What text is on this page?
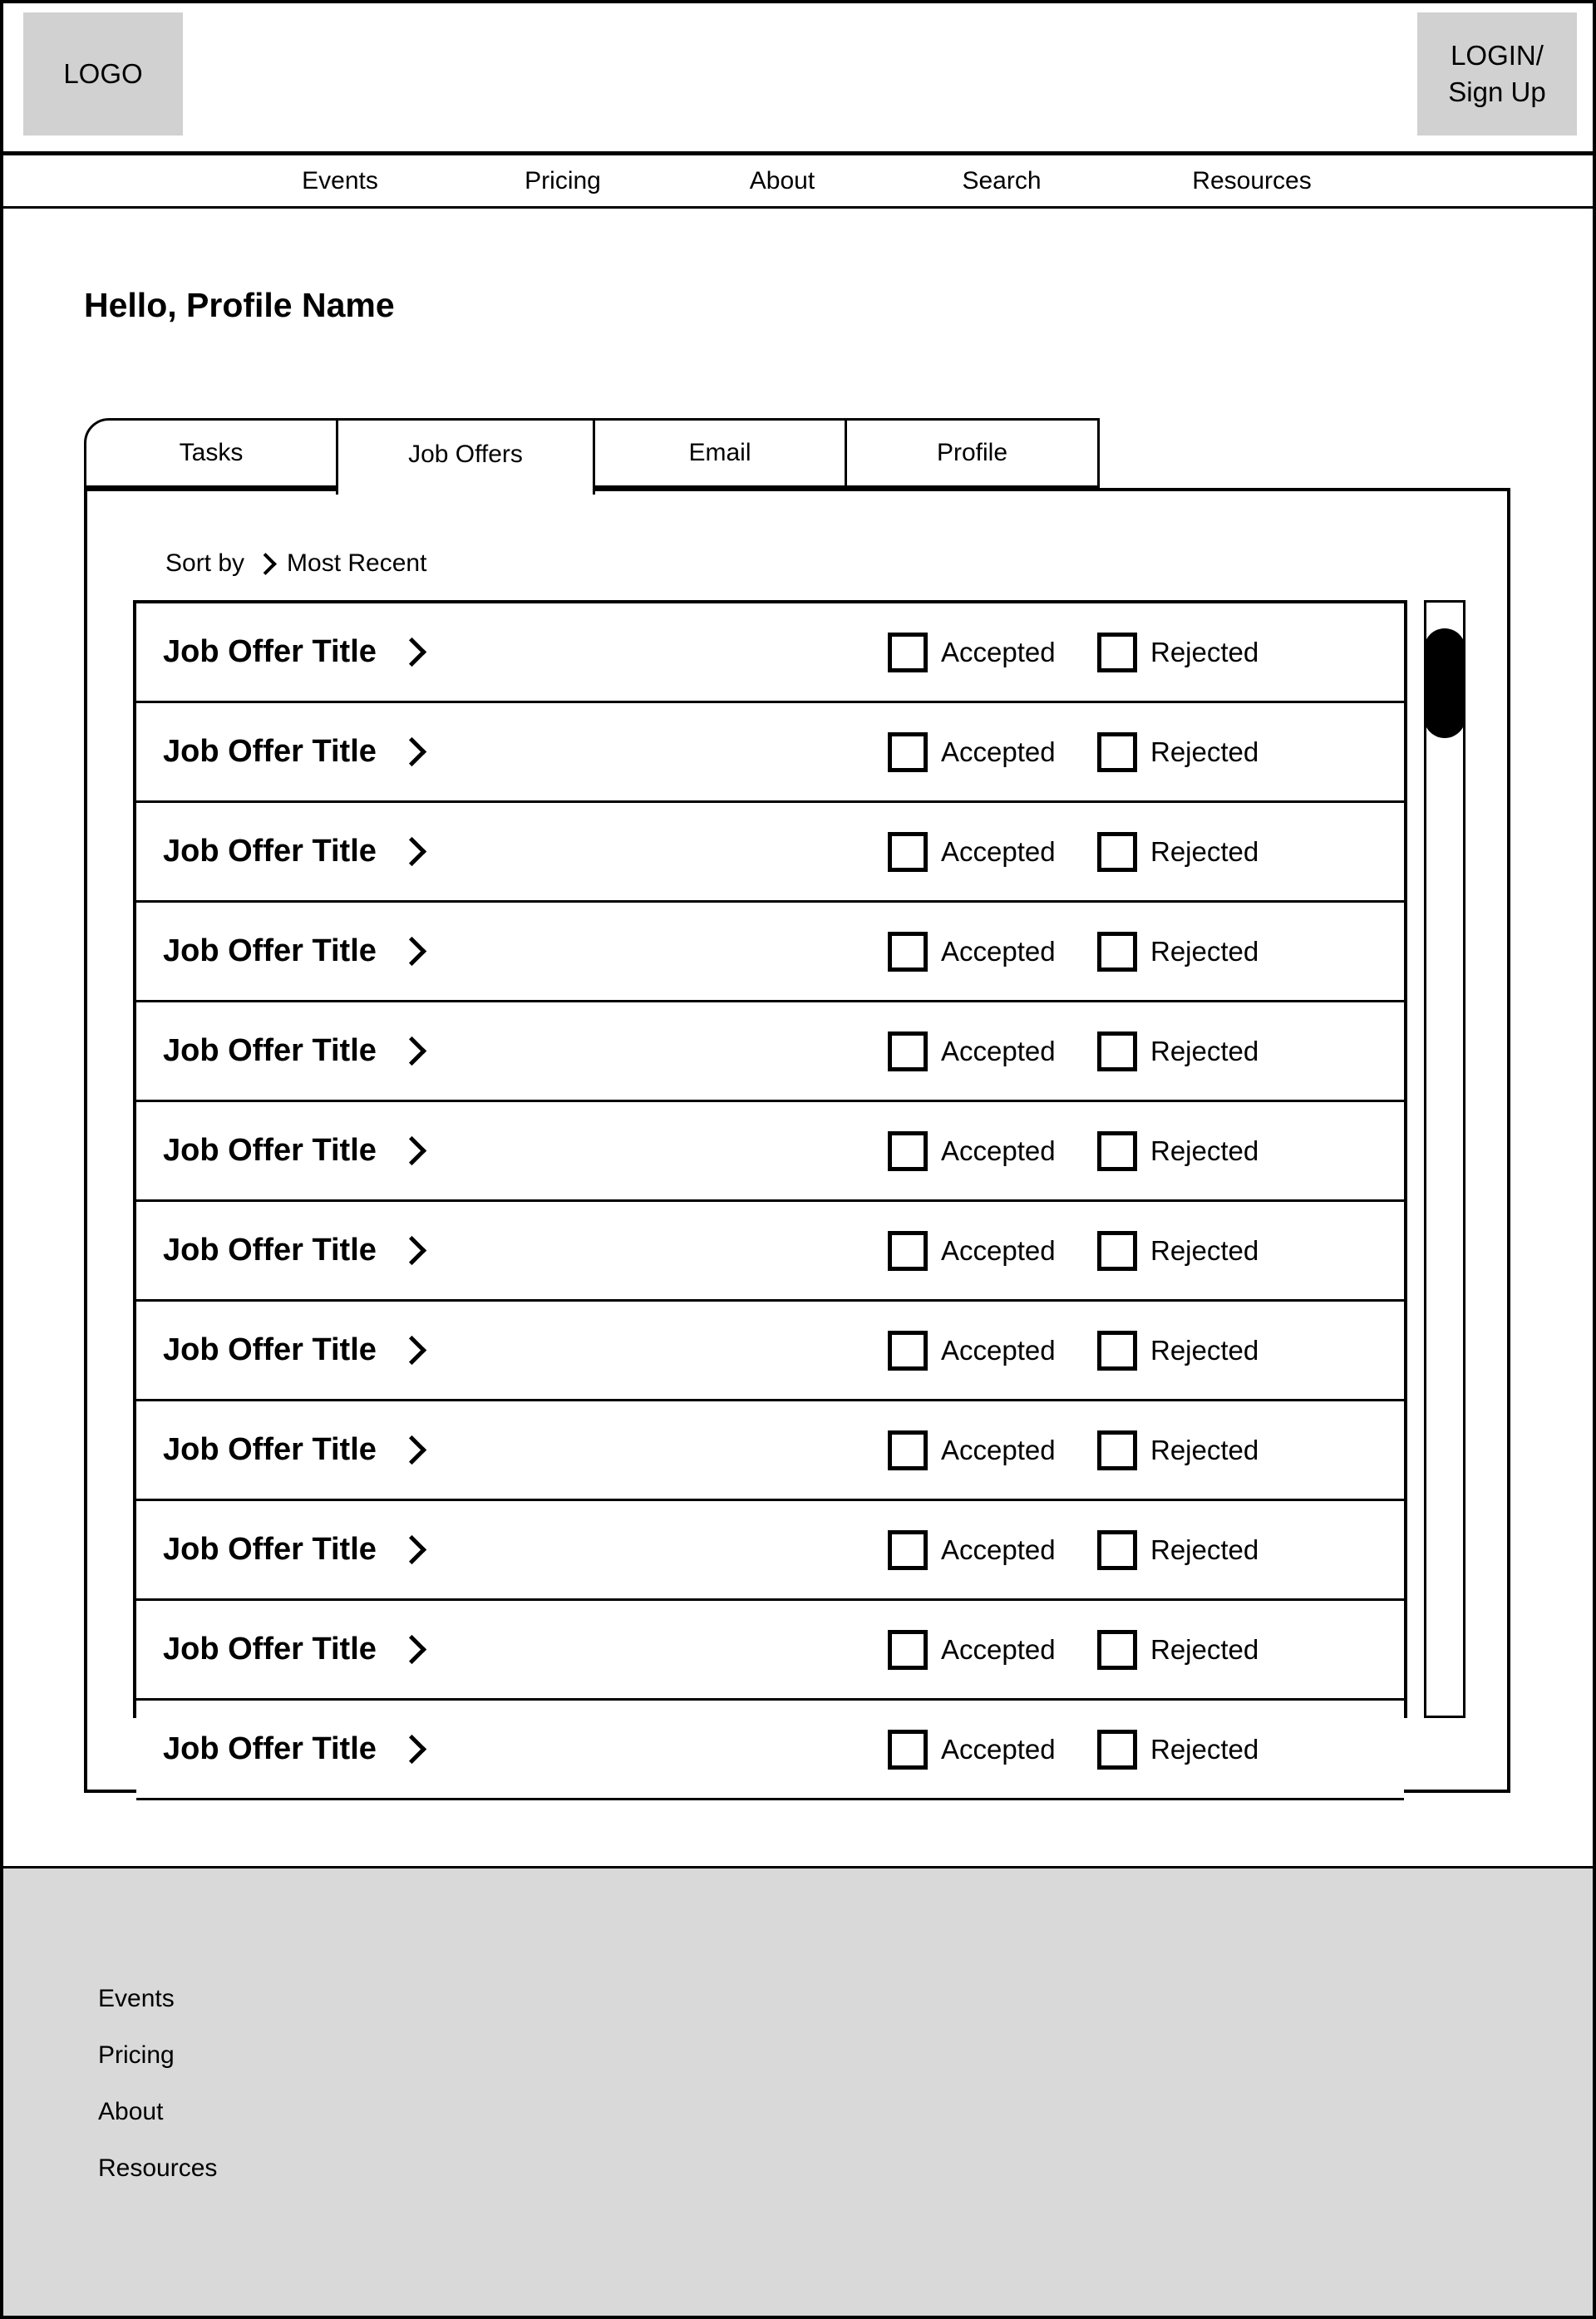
LOGO
LOGIN/
Sign Up
Events	Pricing	About	Search	Resources
Hello, Profile Name
Tasks	Job Offers	Email	Profile
Sort by Most Recent
Job Offer Title	Accepted	Rejected
Job Offer Title	Accepted	Rejected
Job Offer Title	Accepted	Rejected
Job Offer Title	Accepted	Rejected
Job Offer Title	Accepted	Rejected
Job Offer Title	Accepted	Rejected
Job Offer Title	Accepted	Rejected
Job Offer Title	Accepted	Rejected
Job Offer Title	Accepted	Rejected
Job Offer Title	Accepted	Rejected
Job Offer Title	Accepted	Rejected
Job Offer Title	Accepted	Rejected
Events
Pricing
About
Resources
